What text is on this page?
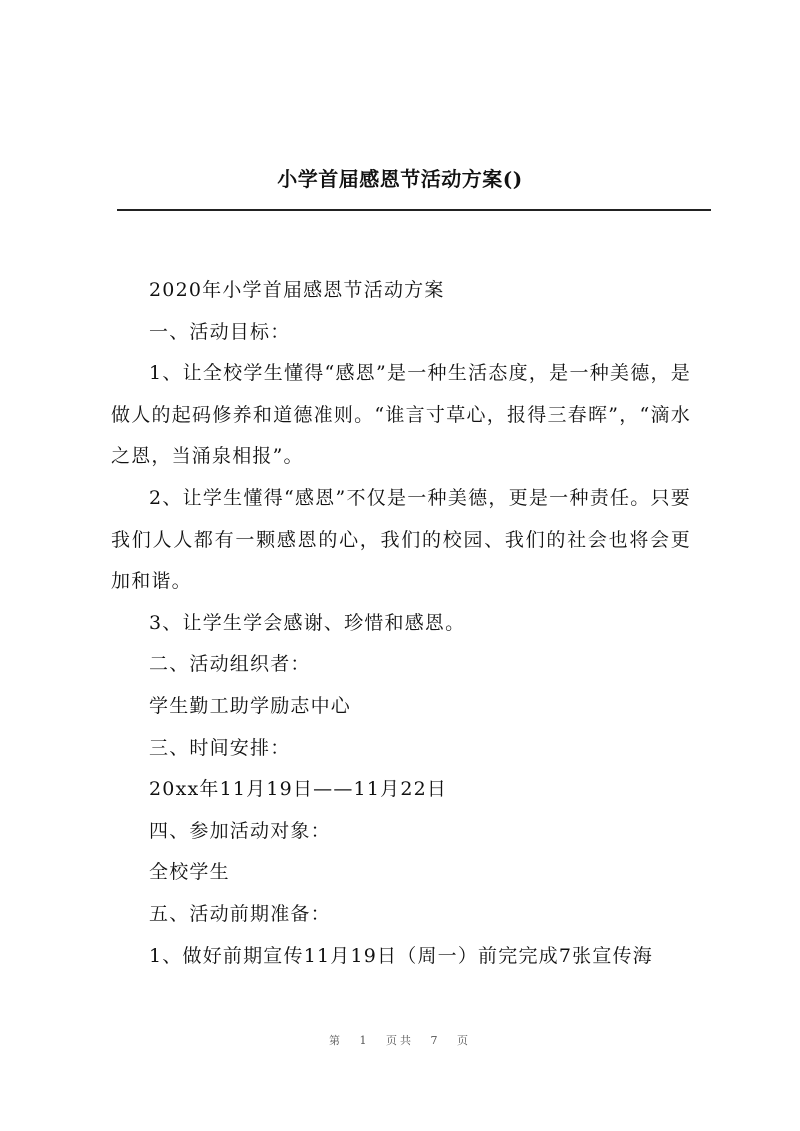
小学首届感恩节活动方案()

2020年小学首届感恩节活动方案

一、活动目标：

1、让全校学生懂得“感恩”是一种生活态度，是一种美德，是做人的起码修养和道德准则。“谁言寸草心，报得三春晖”，“滴水之恩，当涌泉相报”。

2、让学生懂得“感恩”不仅是一种美德，更是一种责任。只要我们人人都有一颗感恩的心，我们的校园、我们的社会也将会更加和谐。

3、让学生学会感谢、珍惜和感恩。

二、活动组织者：

学生勤工助学励志中心

三、时间安排：

20xx年11月19日——11月22日

四、参加活动对象：

全校学生

五、活动前期准备：

1、做好前期宣传11月19日（周一）前完完成7张宣传海

第 1 页共 7 页
